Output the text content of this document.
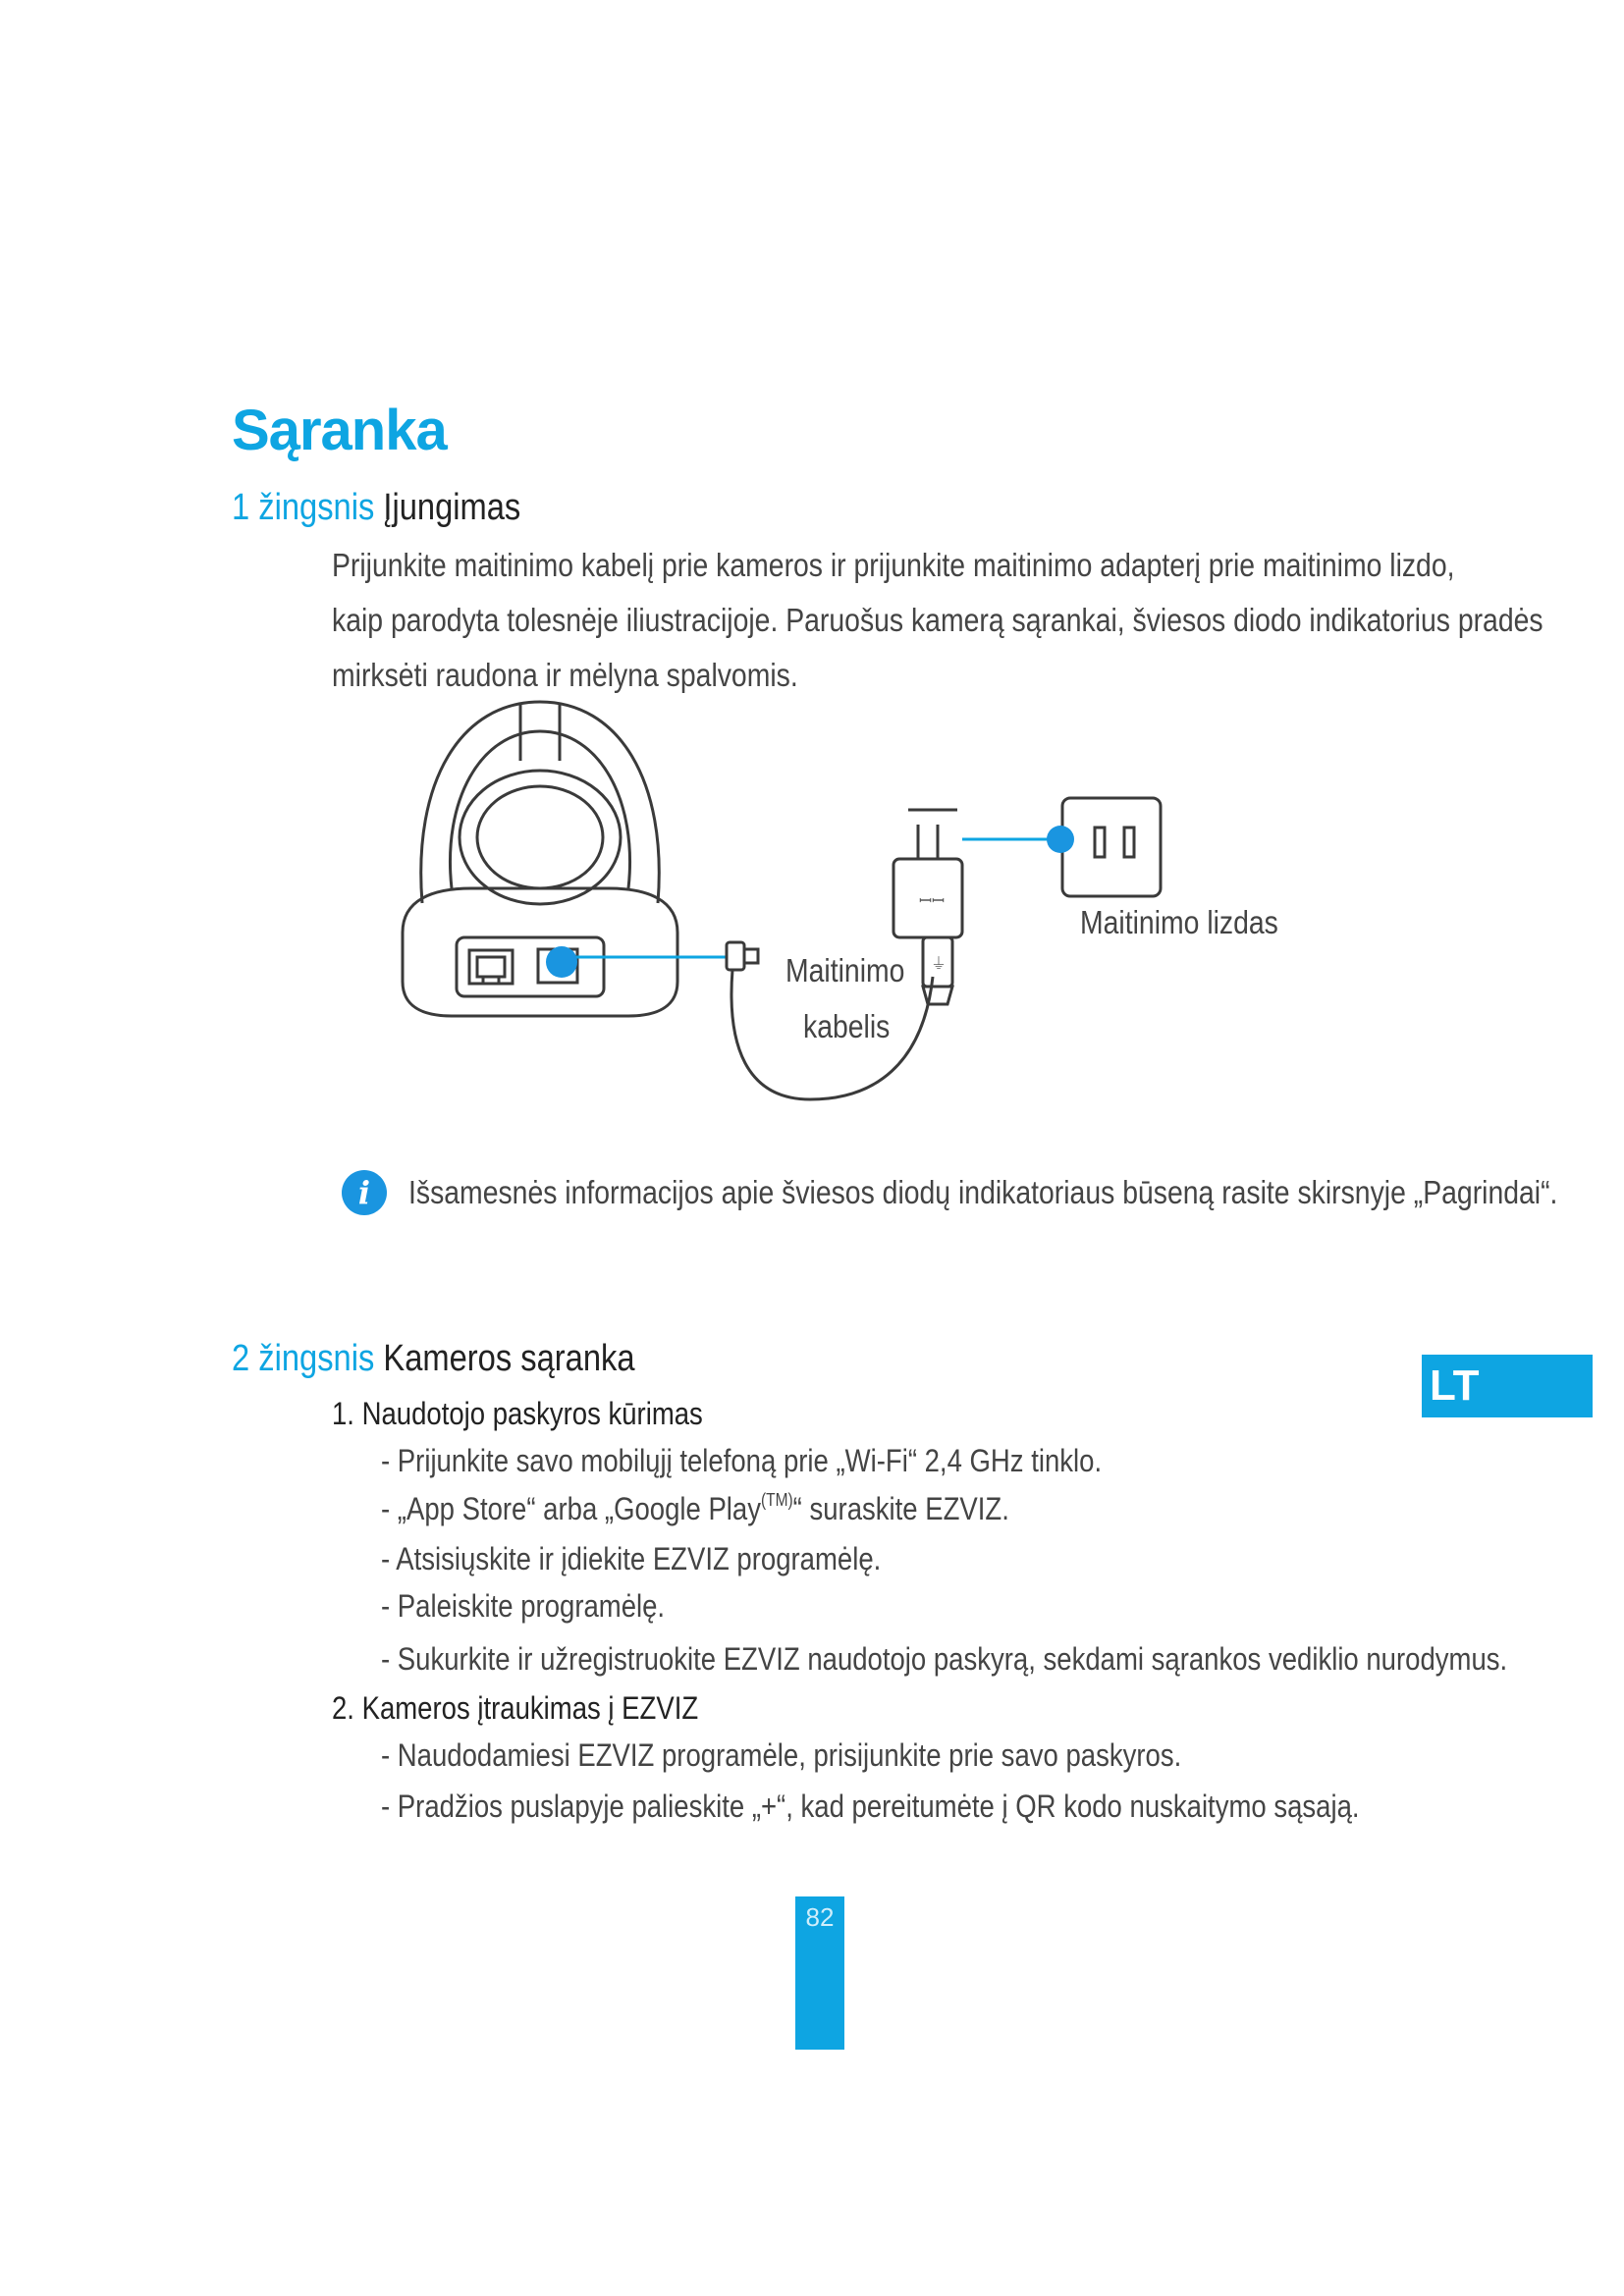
Sąranka
1 žingsnis Įjungimas
Prijunkite maitinimo kabelį prie kameros ir prijunkite maitinimo adapterį prie maitinimo lizdo,
kaip parodyta tolesnėje iliustracijoje. Paruošus kamerą sąrankai, šviesos diodo indikatorius pradės
mirksėti raudona ir mėlyna spalvomis.
ꟷꟷ
⏚
Maitinimo
kabelis
Maitinimo lizdas
i	Išsamesnės informacijos apie šviesos diodų indikatoriaus būseną rasite skirsnyje „Pagrindai“.
2 žingsnis Kameros sąranka
LT
1. Naudotojo paskyros kūrimas
- Prijunkite savo mobilųjį telefoną prie „Wi-Fi“ 2,4 GHz tinklo.
- „App Store“ arba „Google Play$^{(TM)}$“ suraskite EZVIZ.
- Atsisiųskite ir įdiekite EZVIZ programėlę.
- Paleiskite programėlę.
- Sukurkite ir užregistruokite EZVIZ naudotojo paskyrą, sekdami sąrankos vediklio nurodymus.
2. Kameros įtraukimas į EZVIZ
- Naudodamiesi EZVIZ programėle, prisijunkite prie savo paskyros.
- Pradžios puslapyje palieskite „+“, kad pereitumėte į QR kodo nuskaitymo sąsają.
82
